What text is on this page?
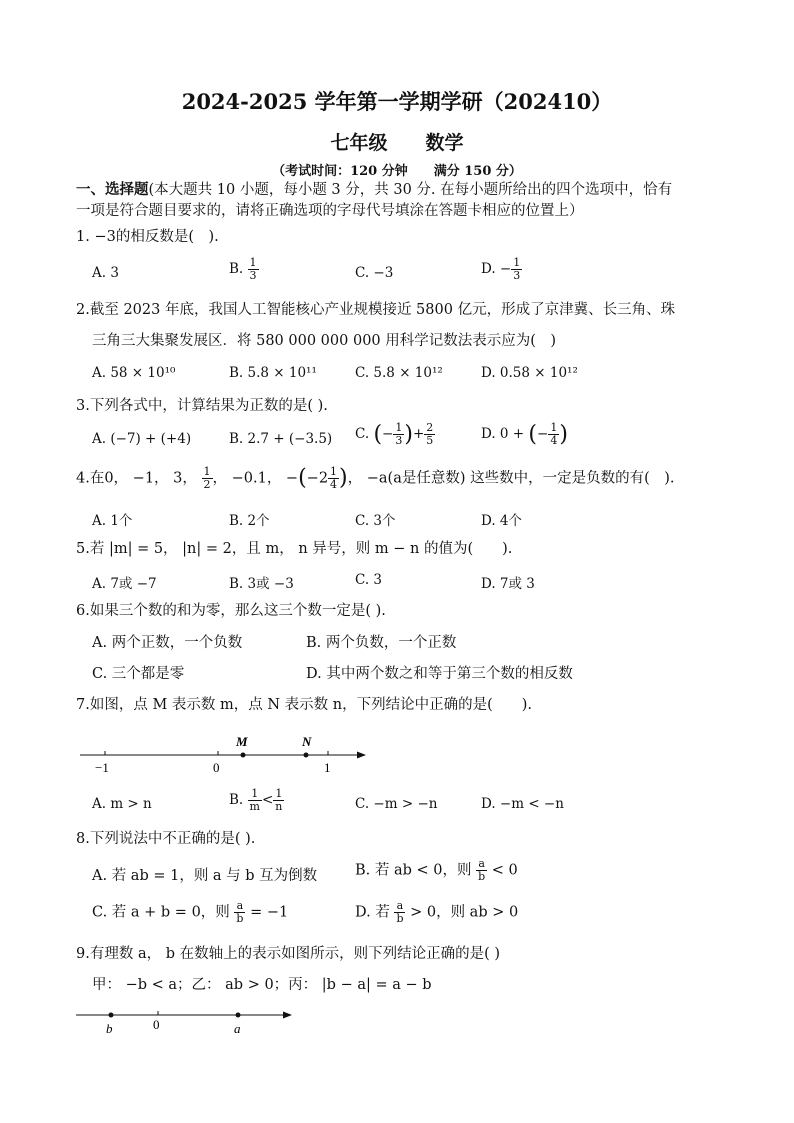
2024-2025 学年第一学期学研（202410）
七年级　　数学
（考试时间：120 分钟　　满分 150 分）
一、选择题(本大题共 10 小题，每小题 3 分，共 30 分. 在每小题所给出的四个选项中，恰有
一项是符合题目要求的，请将正确选项的字母代号填涂在答题卡相应的位置上）
1. −3的相反数是(　).
A. 3	B. $\frac{1}{3}$	C. −3	D. − $\frac{1}{3}$
2.截至 2023 年底，我国人工智能核心产业规模接近 5800 亿元，形成了京津冀、长三角、珠
三角三大集聚发展区．将 580 000 000 000 用科学记数法表示应为(　)
A. 58 × 10¹⁰	B. 5.8 × 10¹¹	C. 5.8 × 10¹²	D. 0.58 × 10¹²
3.下列各式中，计算结果为正数的是( ).
A. (−7) + (+4)	B. 2.7 + (−3.5) C. (− $\frac{1}{3}$ )+ $\frac{2}{5}$	D. 0 + (− $\frac{1}{4}$ )
4.在0， −1， 3， $\frac{1}{2}$ ， −0.1， $-(-2 \frac{1}{4}$ )， −a(a是任意数) 这些数中，一定是负数的有(　).
A. 1个	B. 2个	C. 3个	D. 4个
5.若 |m| = 5， |n| = 2，且 m， n 异号，则 m − n 的值为(　　).
A. 7或 −7	B. 3或 −3	C. 3	D. 7或 3
6.如果三个数的和为零，那么这三个数一定是( ).
A. 两个正数，一个负数	B. 两个负数，一个正数
C. 三个都是零	D. 其中两个数之和等于第三个数的相反数
7.如图，点 M 表示数 m，点 N 表示数 n，下列结论中正确的是(　　).
−1	0	1
M	N
A. m > n	B. $\frac{1}{m} < \frac{1}{n}$	C. −m > −n	D. −m < −n
8.下列说法中不正确的是( ).
A. 若 ab = 1，则 a 与 b 互为倒数	B. 若 ab < 0，则 $\frac{a}{b} < 0$
C. 若 a + b = 0，则 $\frac{a}{b} = -1$	D. 若 $\frac{a}{b} > 0$，则 ab > 0
9.有理数 a， b 在数轴上的表示如图所示，则下列结论正确的是( )
甲： −b < a；乙： ab > 0；丙： |b − a| = a − b
b	0	a
